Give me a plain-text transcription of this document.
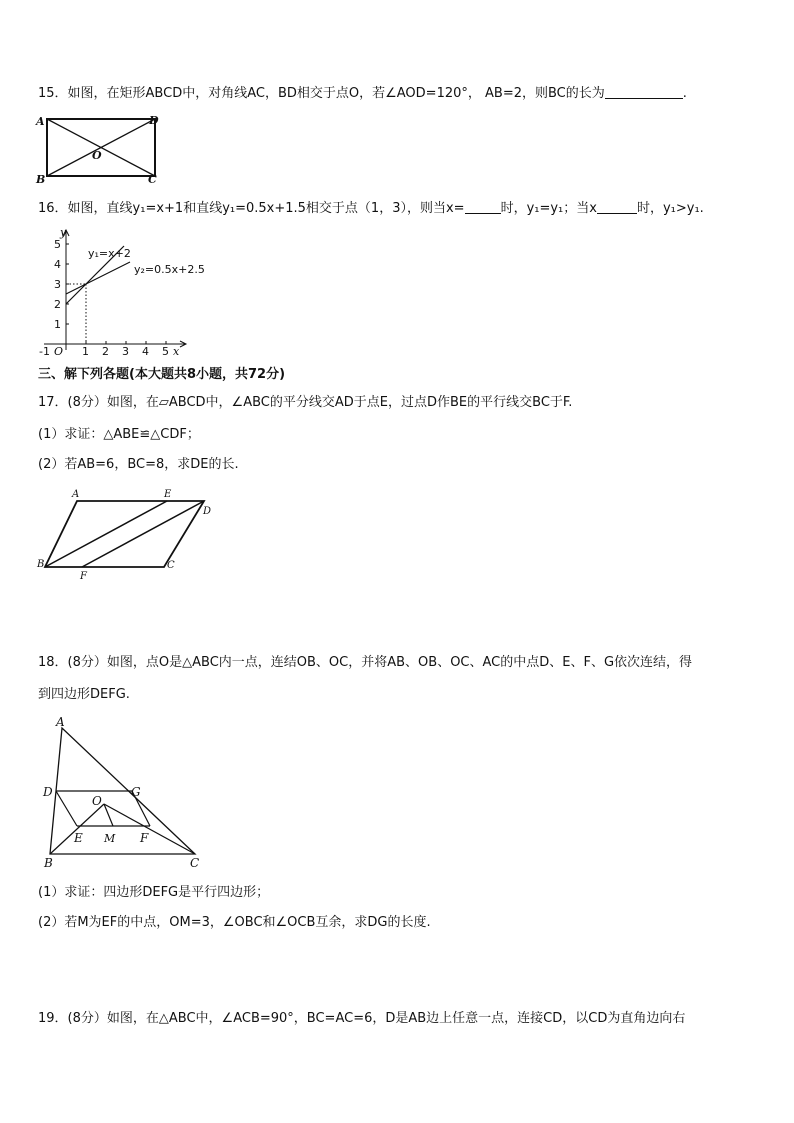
15．如图，在矩形ABCD中，对角线AC，BD相交于点O，若∠AOD=120°， AB=2，则BC的长为	.
A
B	C
D
O
16．如图，直线y₁=x+1和直线y₁=0.5x+1.5相交于点（1，3），则当x=	时，y₁=y₁；当x	时，y₁>y₁.
y₁=x+2
y₂=0.5x+2.5
y
x
-1 O 1 2 3 4 5
1
2
3
4
5
三、解下列各题(本大题共8小题，共72分)
17．(8分）如图，在▱ABCD中，∠ABC的平分线交AD于点E，过点D作BE的平行线交BC于F.
(1）求证：△ABE≌△CDF；
(2）若AB=6，BC=8，求DE的长.
A	E
D
B	C
F
18．(8分）如图，点O是△ABC内一点，连结OB、OC，并将AB、OB、OC、AC的中点D、E、F、G依次连结，得
到四边形DEFG.
A
D	G
O
E M F
B	C
(1）求证：四边形DEFG是平行四边形；
(2）若M为EF的中点，OM=3，∠OBC和∠OCB互余，求DG的长度.
19．(8分）如图，在△ABC中，∠ACB=90°，BC=AC=6，D是AB边上任意一点，连接CD，以CD为直角边向右
